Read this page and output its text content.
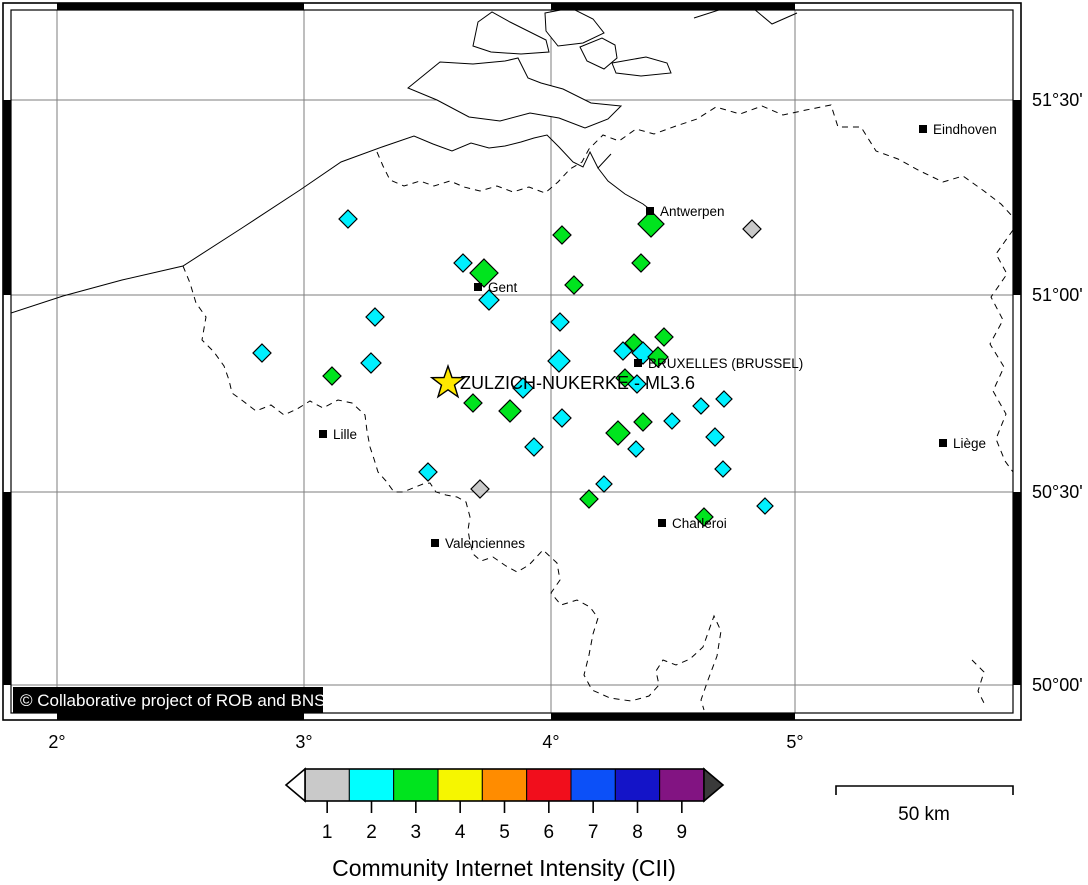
ZULZICH-NUKERKE - ML3.6
Eindhoven
Antwerpen
Gent
BRUXELLES (BRUSSEL)
Lille
Liège
Valenciennes
Charleroi
2°	3°	4°	5°
51°30'
51°00'
50°30'
50°00'
© Collaborative project of ROB and BNS
1 2 3 4 5 6 7 8 9
Community Internet Intensity (CII)
50 km
